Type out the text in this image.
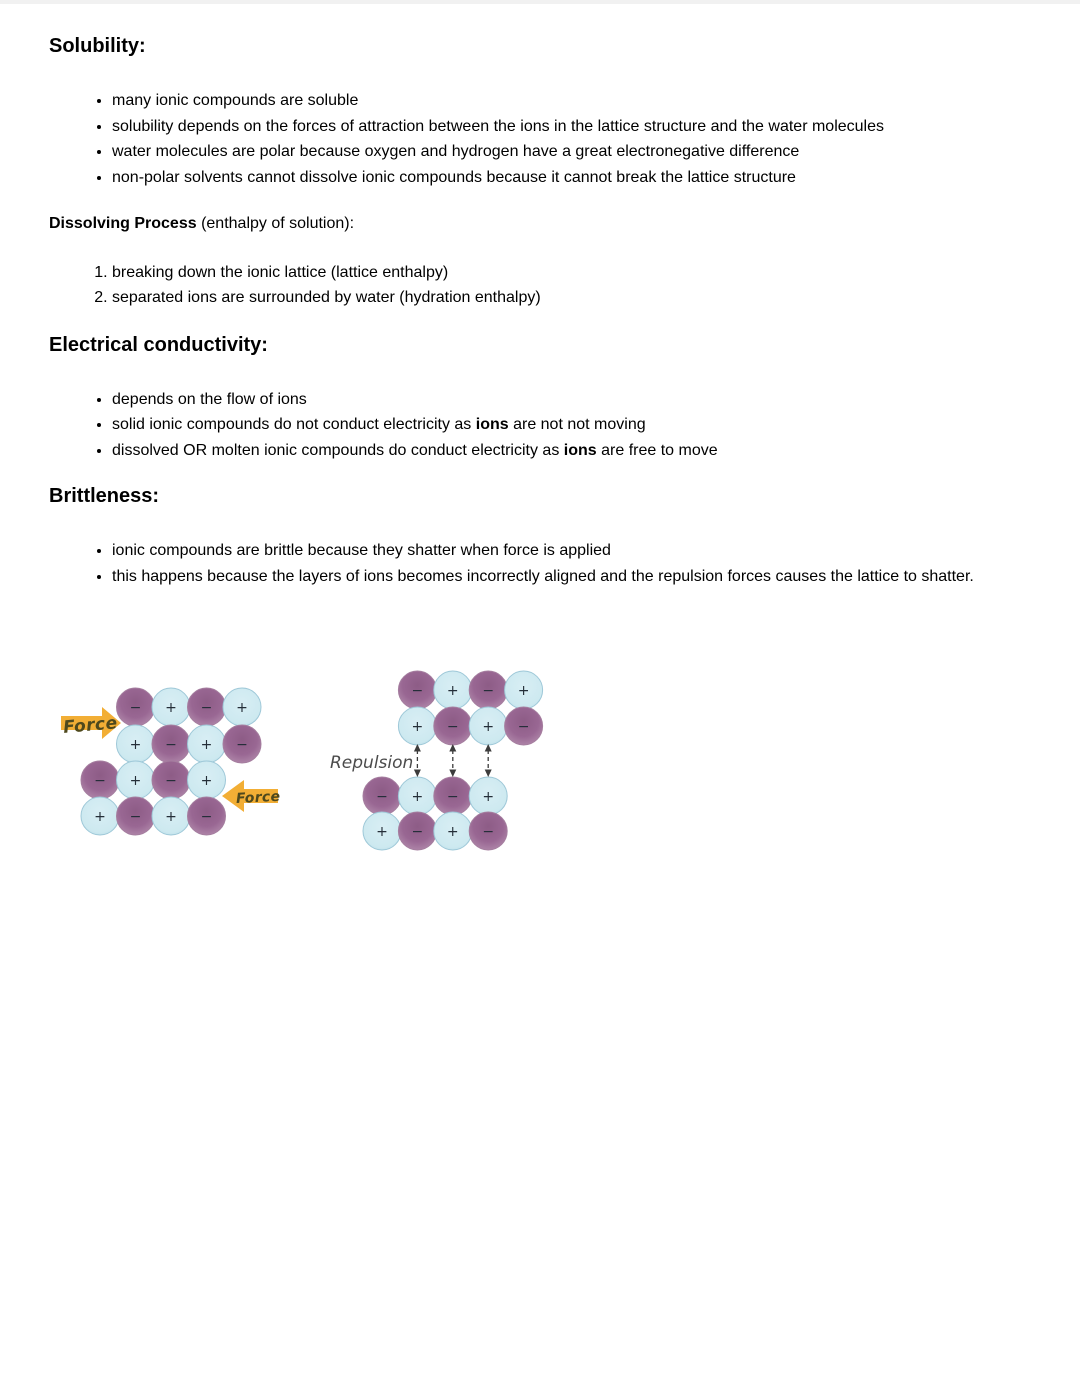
Solubility:
• many ionic compounds are soluble
• solubility depends on the forces of attraction between the ions in the lattice structure and the water molecules
• water molecules are polar because oxygen and hydrogen have a great electronegative difference
• non-polar solvents cannot dissolve ionic compounds because it cannot break the lattice structure

Dissolving Process (enthalpy of solution):

1. breaking down the ionic lattice (lattice enthalpy)
2. separated ions are surrounded by water (hydration enthalpy)
Electrical conductivity:
• depends on the flow of ions
• solid ionic compounds do not conduct electricity as ions are not not moving
• dissolved OR molten ionic compounds do conduct electricity as ions are free to move
Brittleness:
• ionic compounds are brittle because they shatter when force is applied
• this happens because the layers of ions becomes incorrectly aligned and the repulsion forces causes the lattice to shatter.
− + − +
+ − + −
− + − +
+ − + −
− + − +
+ − + −
− + − +
+ − + −
Force
Force
Repulsion
